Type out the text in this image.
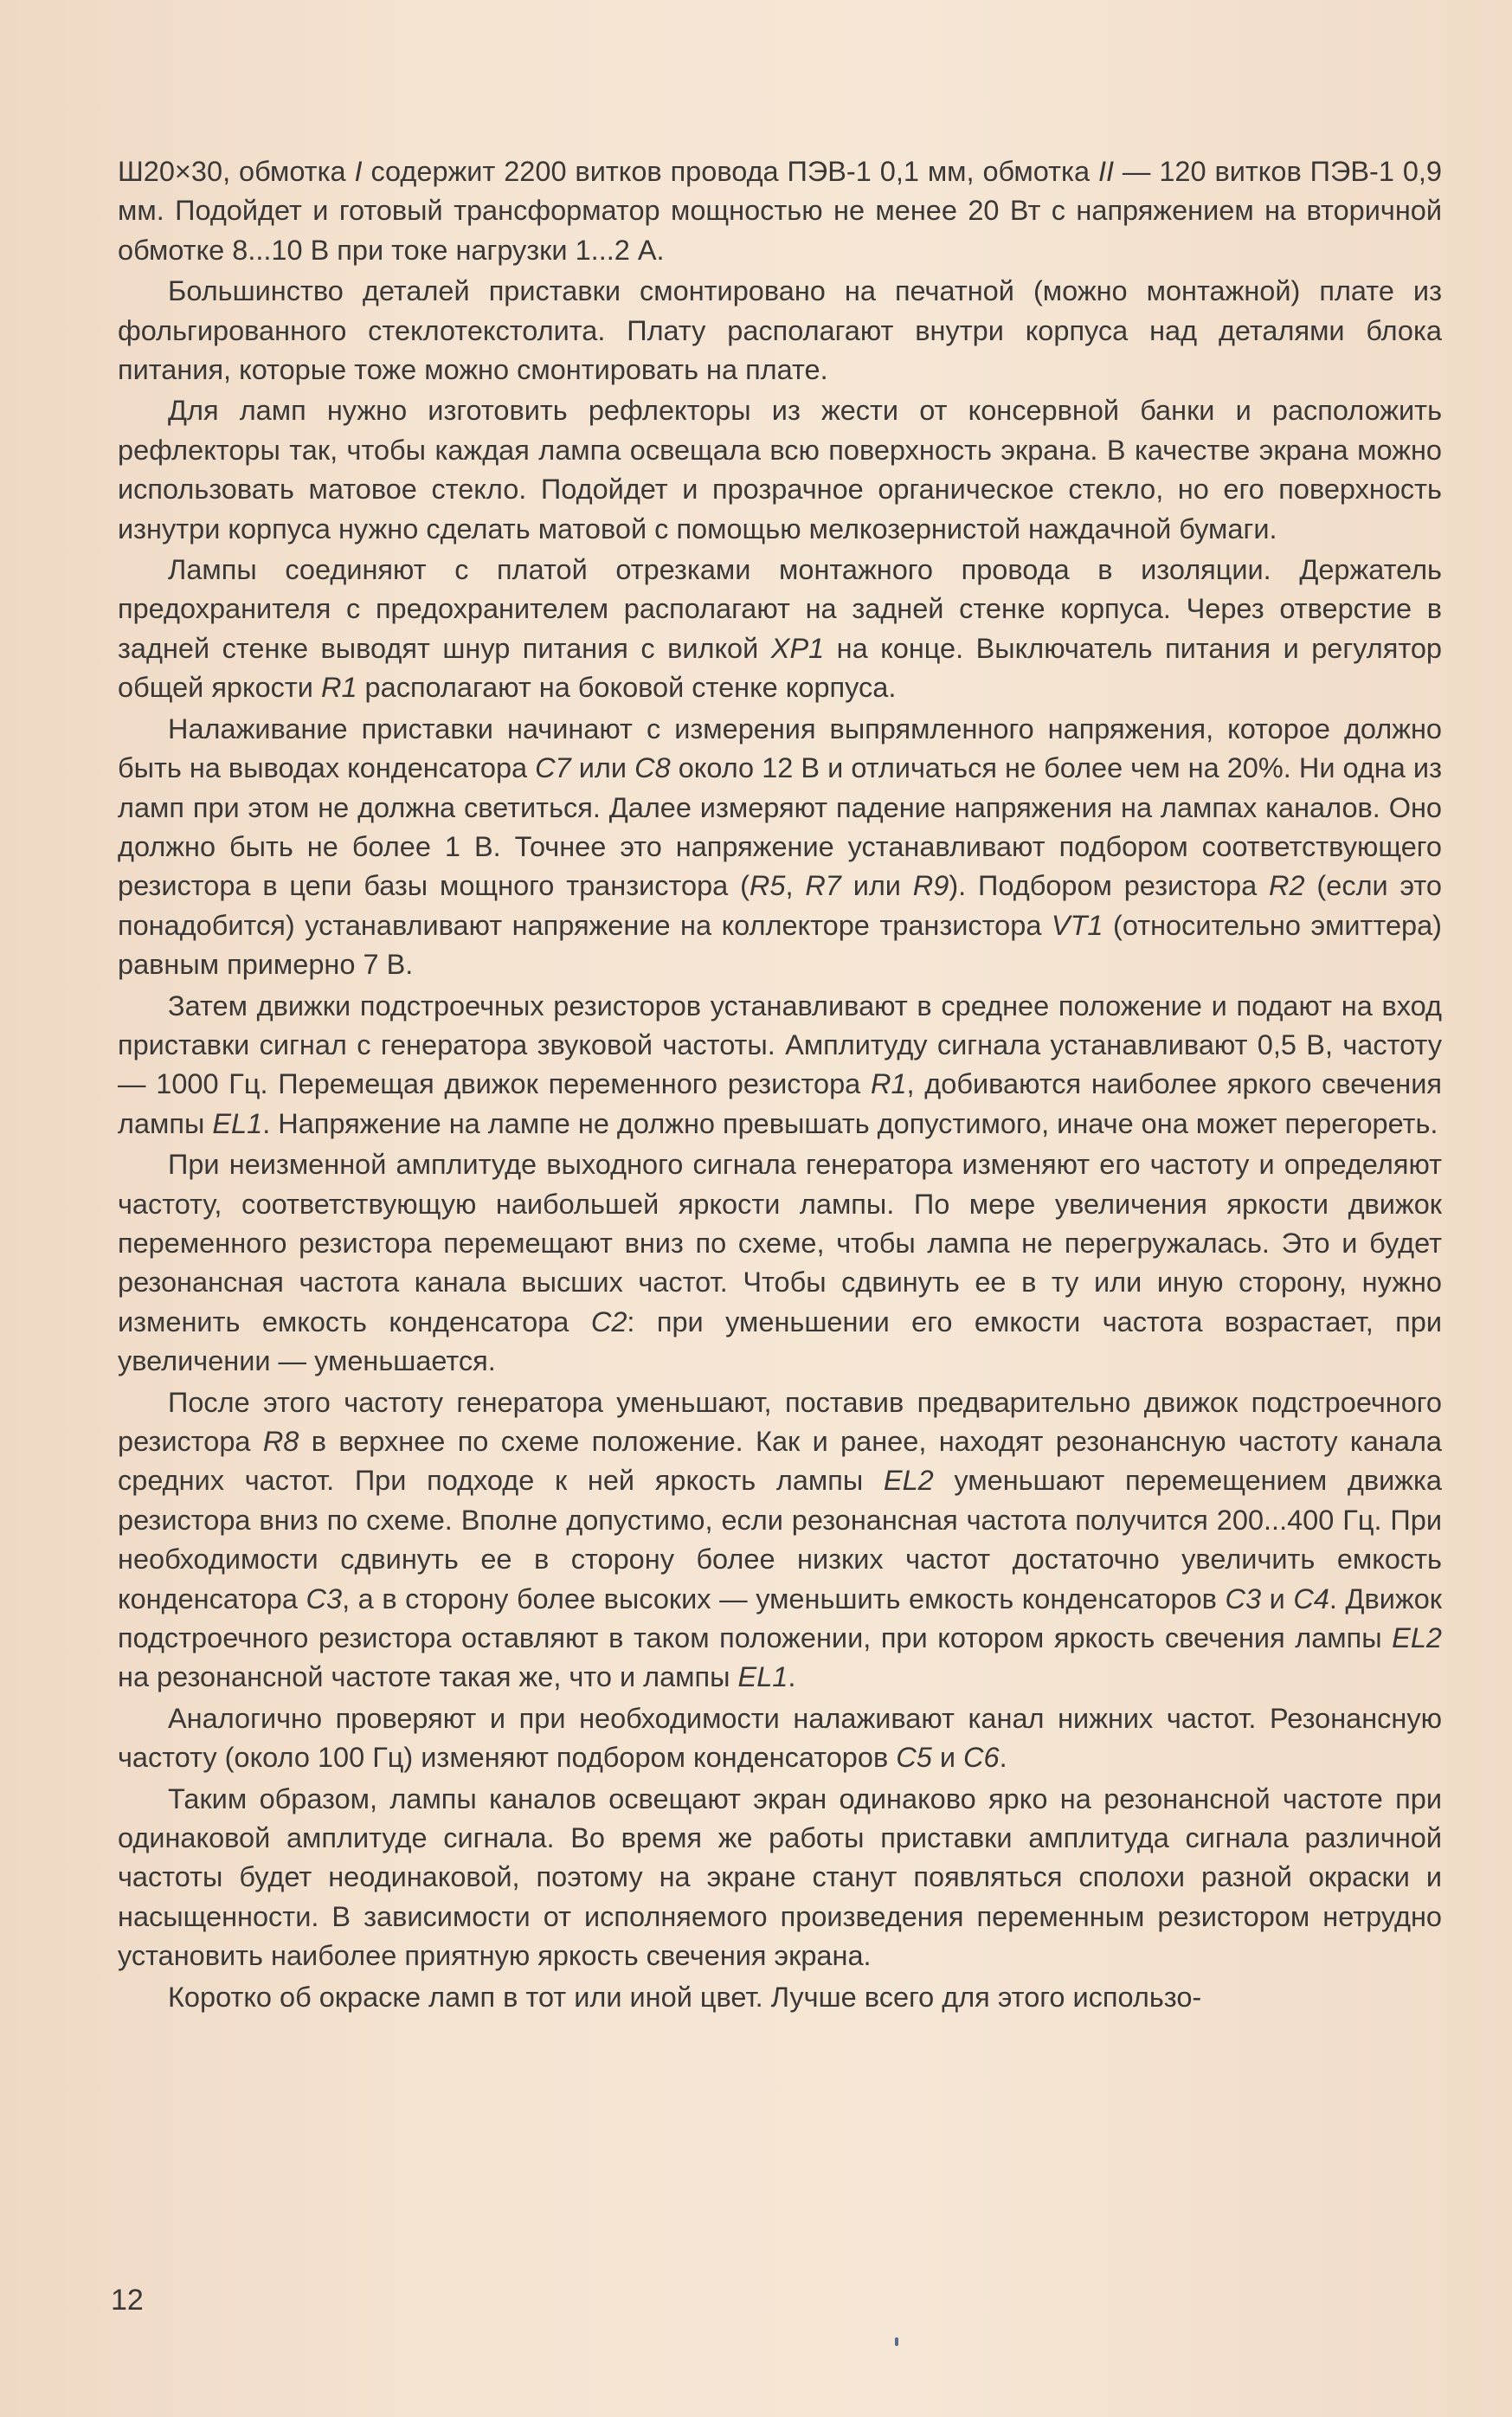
Ш20×30, обмотка I содержит 2200 витков провода ПЭВ-1 0,1 мм, обмотка II — 120 витков ПЭВ-1 0,9 мм. Подойдет и готовый трансформатор мощностью не менее 20 Вт с напряжением на вторичной обмотке 8...10 В при токе нагрузки 1...2 А.

Большинство деталей приставки смонтировано на печатной (можно монтажной) плате из фольгированного стеклотекстолита. Плату располагают внутри корпуса над деталями блока питания, которые тоже можно смонтировать на плате.

Для ламп нужно изготовить рефлекторы из жести от консервной банки и расположить рефлекторы так, чтобы каждая лампа освещала всю поверхность экрана. В качестве экрана можно использовать матовое стекло. Подойдет и прозрачное органическое стекло, но его поверхность изнутри корпуса нужно сделать матовой с помощью мелкозернистой наждачной бумаги.

Лампы соединяют с платой отрезками монтажного провода в изоляции. Держатель предохранителя с предохранителем располагают на задней стенке корпуса. Через отверстие в задней стенке выводят шнур питания с вилкой XP1 на конце. Выключатель питания и регулятор общей яркости R1 располагают на боковой стенке корпуса.

Налаживание приставки начинают с измерения выпрямленного напряжения, которое должно быть на выводах конденсатора C7 или C8 около 12 В и отличаться не более чем на 20%. Ни одна из ламп при этом не должна светиться. Далее измеряют падение напряжения на лампах каналов. Оно должно быть не более 1 В. Точнее это напряжение устанавливают подбором соответствующего резистора в цепи базы мощного транзистора (R5, R7 или R9). Подбором резистора R2 (если это понадобится) устанавливают напряжение на коллекторе транзистора VT1 (относительно эмиттера) равным примерно 7 В.

Затем движки подстроечных резисторов устанавливают в среднее положение и подают на вход приставки сигнал с генератора звуковой частоты. Амплитуду сигнала устанавливают 0,5 В, частоту — 1000 Гц. Перемещая движок переменного резистора R1, добиваются наиболее яркого свечения лампы EL1. Напряжение на лампе не должно превышать допустимого, иначе она может перегореть.

При неизменной амплитуде выходного сигнала генератора изменяют его частоту и определяют частоту, соответствующую наибольшей яркости лампы. По мере увеличения яркости движок переменного резистора перемещают вниз по схеме, чтобы лампа не перегружалась. Это и будет резонансная частота канала высших частот. Чтобы сдвинуть ее в ту или иную сторону, нужно изменить емкость конденсатора C2: при уменьшении его емкости частота возрастает, при увеличении — уменьшается.

После этого частоту генератора уменьшают, поставив предварительно движок подстроечного резистора R8 в верхнее по схеме положение. Как и ранее, находят резонансную частоту канала средних частот. При подходе к ней яркость лампы EL2 уменьшают перемещением движка резистора вниз по схеме. Вполне допустимо, если резонансная частота получится 200...400 Гц. При необходимости сдвинуть ее в сторону более низких частот достаточно увеличить емкость конденсатора C3, а в сторону более высоких — уменьшить емкость конденсаторов C3 и C4. Движок подстроечного резистора оставляют в таком положении, при котором яркость свечения лампы EL2 на резонансной частоте такая же, что и лампы EL1.

Аналогично проверяют и при необходимости налаживают канал нижних частот. Резонансную частоту (около 100 Гц) изменяют подбором конденсаторов C5 и C6.

Таким образом, лампы каналов освещают экран одинаково ярко на резонансной частоте при одинаковой амплитуде сигнала. Во время же работы приставки амплитуда сигнала различной частоты будет неодинаковой, поэтому на экране станут появляться сполохи разной окраски и насыщенности. В зависимости от исполняемого произведения переменным резистором нетрудно установить наиболее приятную яркость свечения экрана.

Коротко об окраске ламп в тот или иной цвет. Лучше всего для этого использо-

12
